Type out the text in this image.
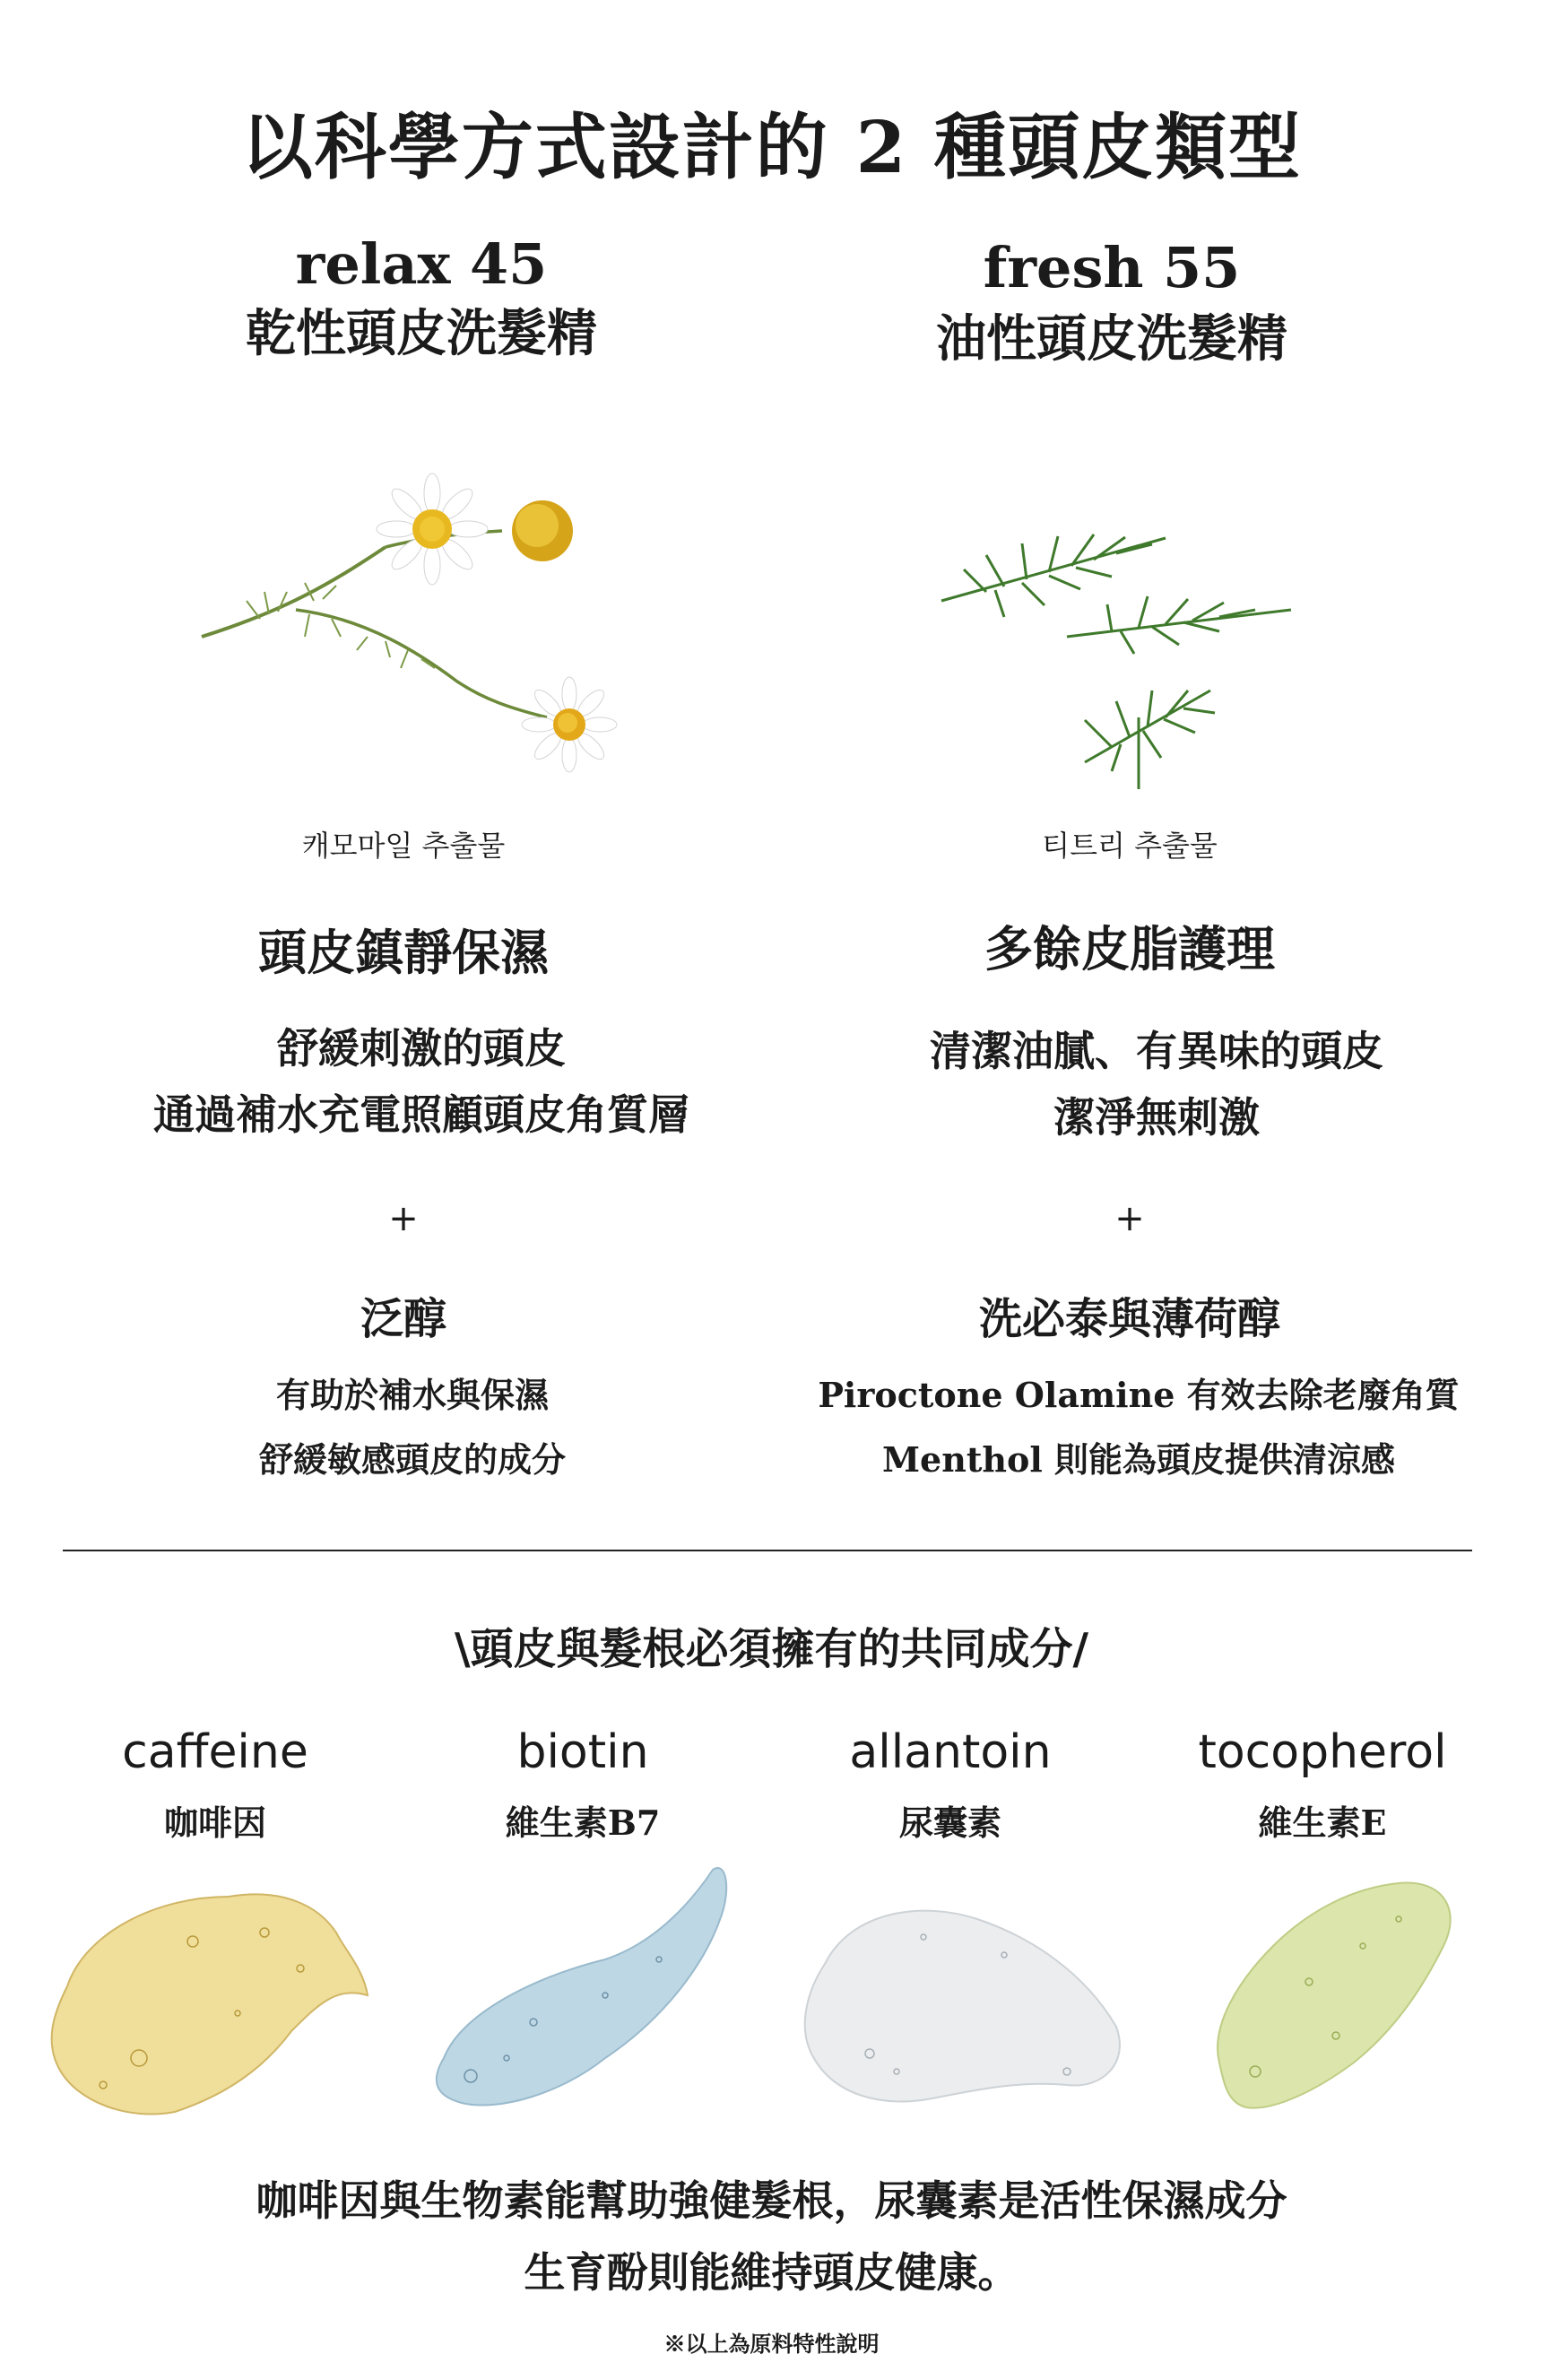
以科學方式設計的 2 種頭皮類型
relax 45
乾性頭皮洗髮精
fresh 55
油性頭皮洗髮精
캐모마일 추출물	티트리 추출물
頭皮鎮靜保濕	多餘皮脂護理
舒緩刺激的頭皮
通過補水充電照顧頭皮角質層
清潔油膩、有異味的頭皮
潔淨無刺激
+	+
泛醇	洗必泰與薄荷醇
有助於補水與保濕
舒緩敏感頭皮的成分
Piroctone Olamine 有效去除老廢角質
Menthol 則能為頭皮提供清涼感
\頭皮與髮根必須擁有的共同成分/
caffeine
咖啡因
biotin
維生素B7
allantoin
尿囊素
tocopherol
維生素E
咖啡因與生物素能幫助強健髮根，尿囊素是活性保濕成分
生育酚則能維持頭皮健康。
※以上為原料特性說明
